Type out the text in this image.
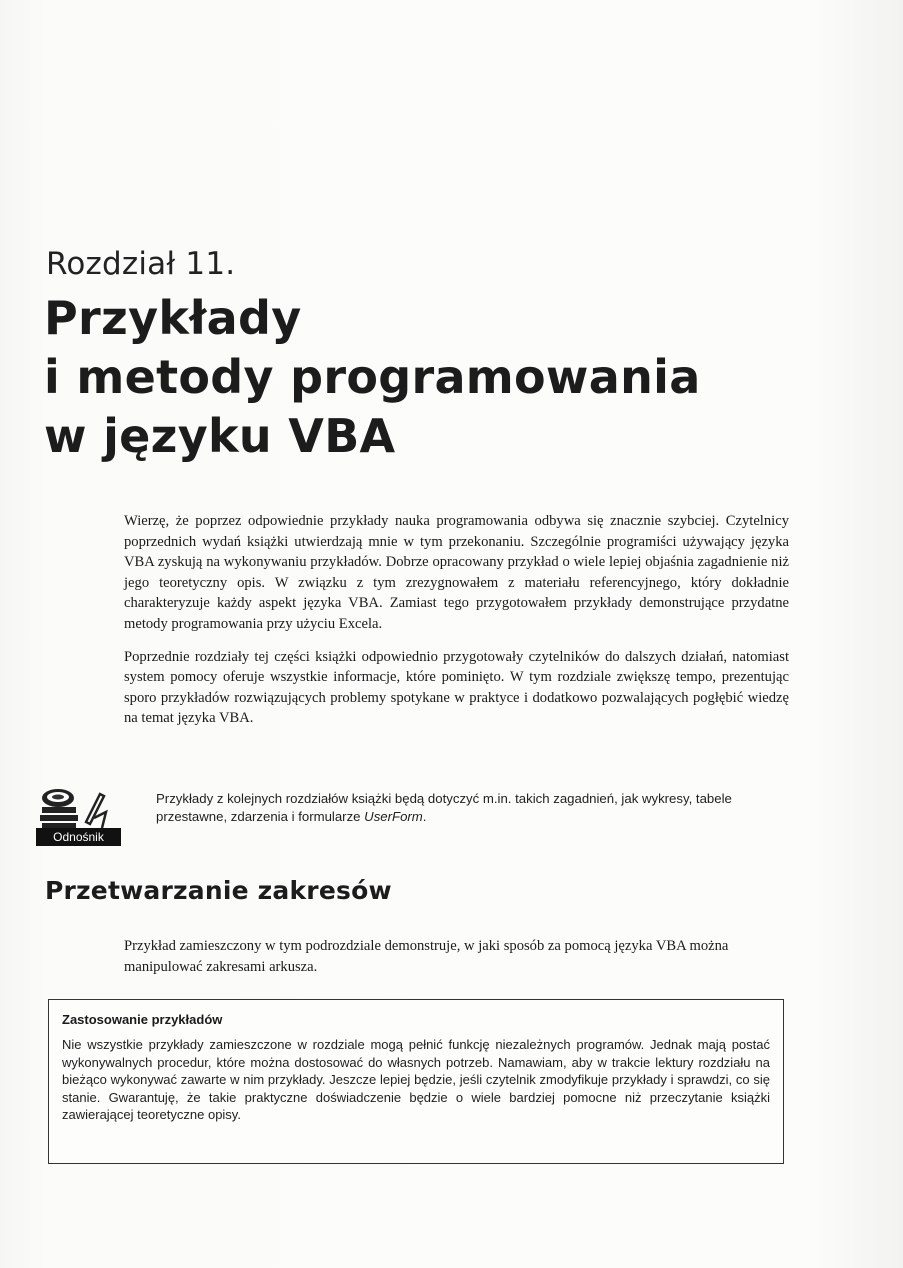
Rozdział 11.
Przykłady
i metody programowania
w języku VBA

Wierzę, że poprzez odpowiednie przykłady nauka programowania odbywa się znacznie szybciej. Czytelnicy poprzednich wydań książki utwierdzają mnie w tym przekonaniu. Szczególnie programiści używający języka VBA zyskują na wykonywaniu przykładów. Dobrze opracowany przykład o wiele lepiej objaśnia zagadnienie niż jego teoretyczny opis. W związku z tym zrezygnowałem z materiału referencyjnego, który dokładnie charakteryzuje każdy aspekt języka VBA. Zamiast tego przygotowałem przykłady demonstrujące przydatne metody programowania przy użyciu Excela.

Poprzednie rozdziały tej części książki odpowiednio przygotowały czytelników do dalszych działań, natomiast system pomocy oferuje wszystkie informacje, które pominięto. W tym rozdziale zwiększę tempo, prezentując sporo przykładów rozwiązujących problemy spotykane w praktyce i dodatkowo pozwalających pogłębić wiedzę na temat języka VBA.

Odnośnik

Przykłady z kolejnych rozdziałów książki będą dotyczyć m.in. takich zagadnień, jak wykresy, tabele przestawne, zdarzenia i formularze UserForm.

Przetwarzanie zakresów

Przykład zamieszczony w tym podrozdziale demonstruje, w jaki sposób za pomocą języka VBA można manipulować zakresami arkusza.

Zastosowanie przykładów

Nie wszystkie przykłady zamieszczone w rozdziale mogą pełnić funkcję niezależnych programów. Jednak mają postać wykonywalnych procedur, które można dostosować do własnych potrzeb. Namawiam, aby w trakcie lektury rozdziału na bieżąco wykonywać zawarte w nim przykłady. Jeszcze lepiej będzie, jeśli czytelnik zmodyfikuje przykłady i sprawdzi, co się stanie. Gwarantuję, że takie praktyczne doświadczenie będzie o wiele bardziej pomocne niż przeczytanie książki zawierającej teoretyczne opisy.
